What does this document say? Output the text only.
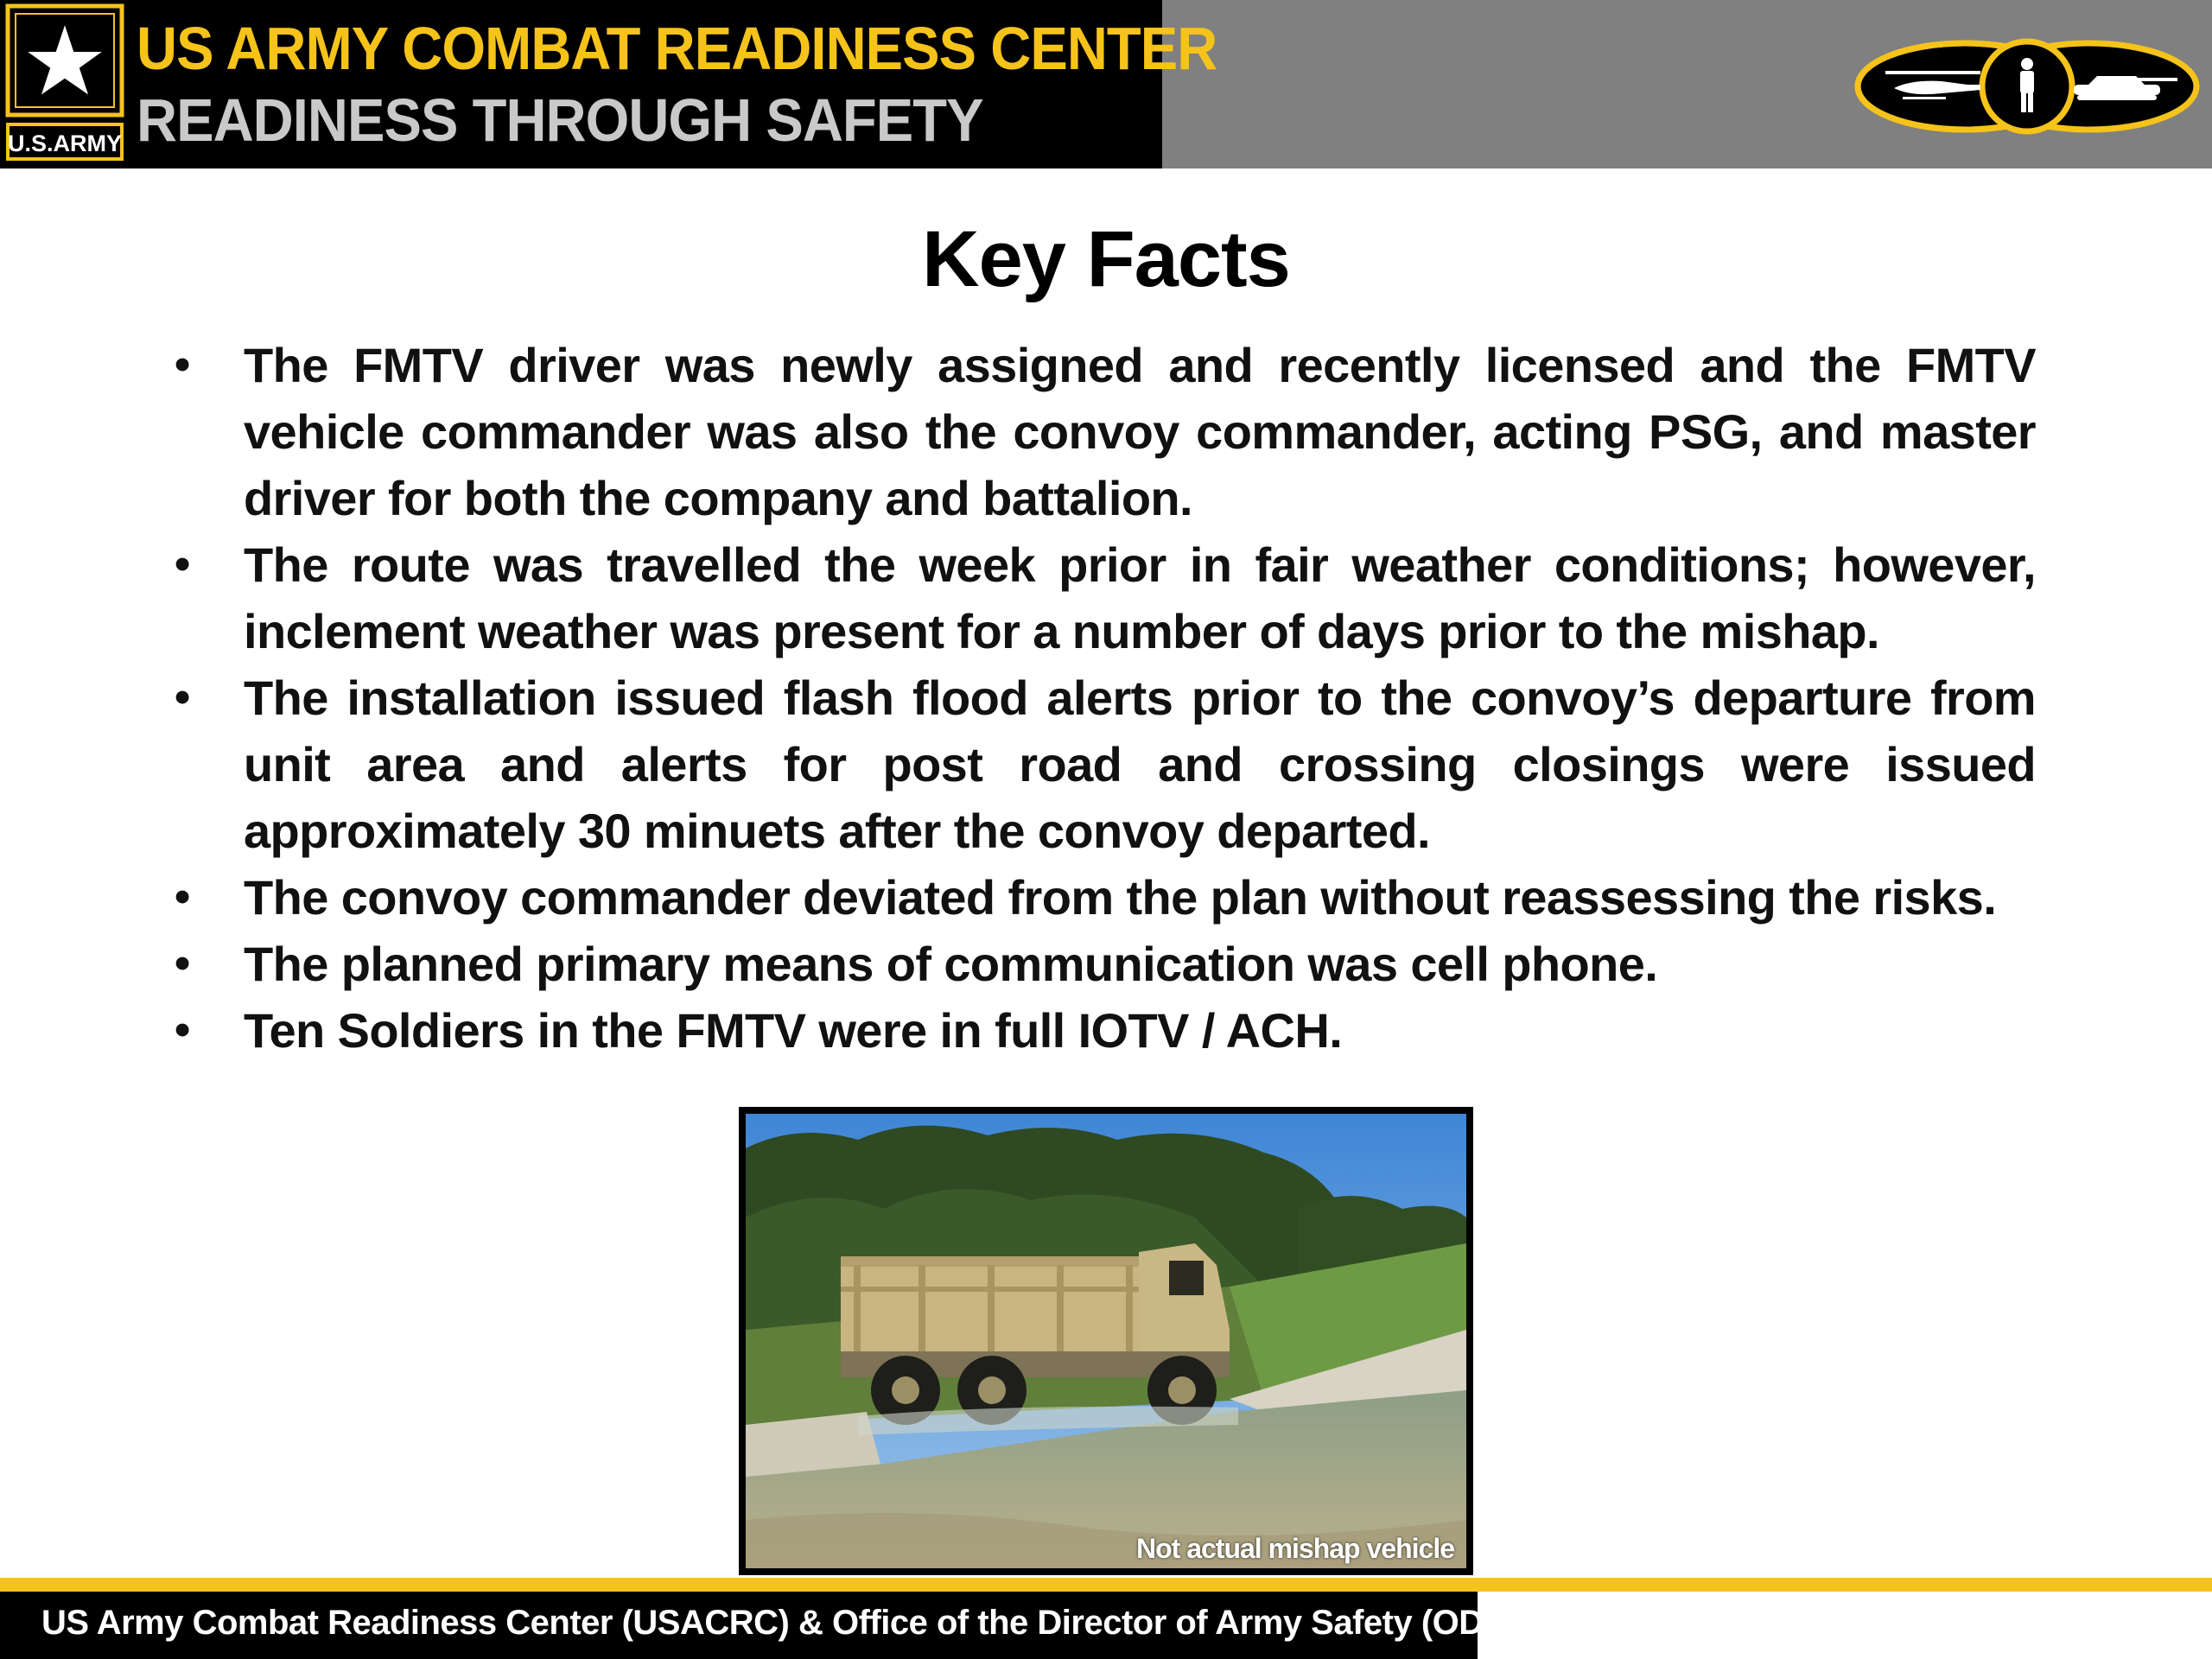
U.S.ARMY
US ARMY COMBAT READINESS CENTER
READINESS THROUGH SAFETY
Key Facts
• The FMTV driver was newly assigned and recently licensed and the FMTV vehicle commander was also the convoy commander, acting PSG, and master driver for both the company and battalion.
• The route was travelled the week prior in fair weather conditions; however, inclement weather was present for a number of days prior to the mishap.
• The installation issued flash flood alerts prior to the convoy’s departure from unit area and alerts for post road and crossing closings were issued approximately 30 minuets after the convoy departed.
• The convoy commander deviated from the plan without reassessing the risks.
• The planned primary means of communication was cell phone.
• Ten Soldiers in the FMTV were in full IOTV / ACH.
Not actual mishap vehicle

US Army Combat Readiness Center (USACRC) & Office of the Director of Army Safety (ODASAF)
